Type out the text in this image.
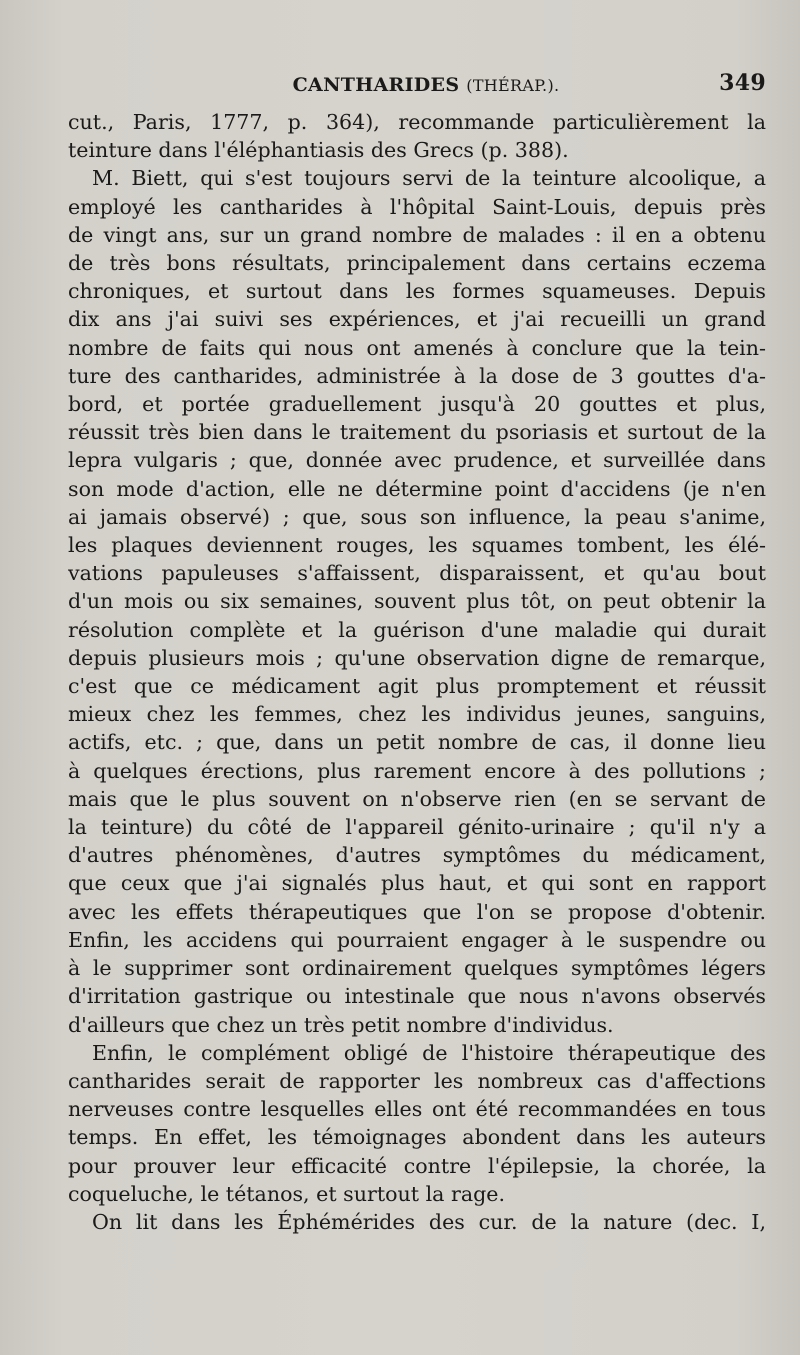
CANTHARIDES (THÉRAP.).	349

cut., Paris, 1777, p. 364), recommande particulièrement la
teinture dans l'éléphantiasis des Grecs (p. 388).

M. Biett, qui s'est toujours servi de la teinture alcoolique, a
employé les cantharides à l'hôpital Saint-Louis, depuis près
de vingt ans, sur un grand nombre de malades : il en a obtenu
de très bons résultats, principalement dans certains eczema
chroniques, et surtout dans les formes squameuses. Depuis
dix ans j'ai suivi ses expériences, et j'ai recueilli un grand
nombre de faits qui nous ont amenés à conclure que la tein-
ture des cantharides, administrée à la dose de 3 gouttes d'a-
bord, et portée graduellement jusqu'à 20 gouttes et plus,
réussit très bien dans le traitement du psoriasis et surtout de la
lepra vulgaris ; que, donnée avec prudence, et surveillée dans
son mode d'action, elle ne détermine point d'accidens (je n'en
ai jamais observé) ; que, sous son influence, la peau s'anime,
les plaques deviennent rouges, les squames tombent, les élé-
vations papuleuses s'affaissent, disparaissent, et qu'au bout
d'un mois ou six semaines, souvent plus tôt, on peut obtenir la
résolution complète et la guérison d'une maladie qui durait
depuis plusieurs mois ; qu'une observation digne de remarque,
c'est que ce médicament agit plus promptement et réussit
mieux chez les femmes, chez les individus jeunes, sanguins,
actifs, etc. ; que, dans un petit nombre de cas, il donne lieu
à quelques érections, plus rarement encore à des pollutions ;
mais que le plus souvent on n'observe rien (en se servant de
la teinture) du côté de l'appareil génito-urinaire ; qu'il n'y a
d'autres phénomènes, d'autres symptômes du médicament,
que ceux que j'ai signalés plus haut, et qui sont en rapport
avec les effets thérapeutiques que l'on se propose d'obtenir.
Enfin, les accidens qui pourraient engager à le suspendre ou
à le supprimer sont ordinairement quelques symptômes légers
d'irritation gastrique ou intestinale que nous n'avons observés
d'ailleurs que chez un très petit nombre d'individus.

Enfin, le complément obligé de l'histoire thérapeutique des
cantharides serait de rapporter les nombreux cas d'affections
nerveuses contre lesquelles elles ont été recommandées en tous
temps. En effet, les témoignages abondent dans les auteurs
pour prouver leur efficacité contre l'épilepsie, la chorée, la
coqueluche, le tétanos, et surtout la rage.

On lit dans les Éphémérides des cur. de la nature (dec. I,
